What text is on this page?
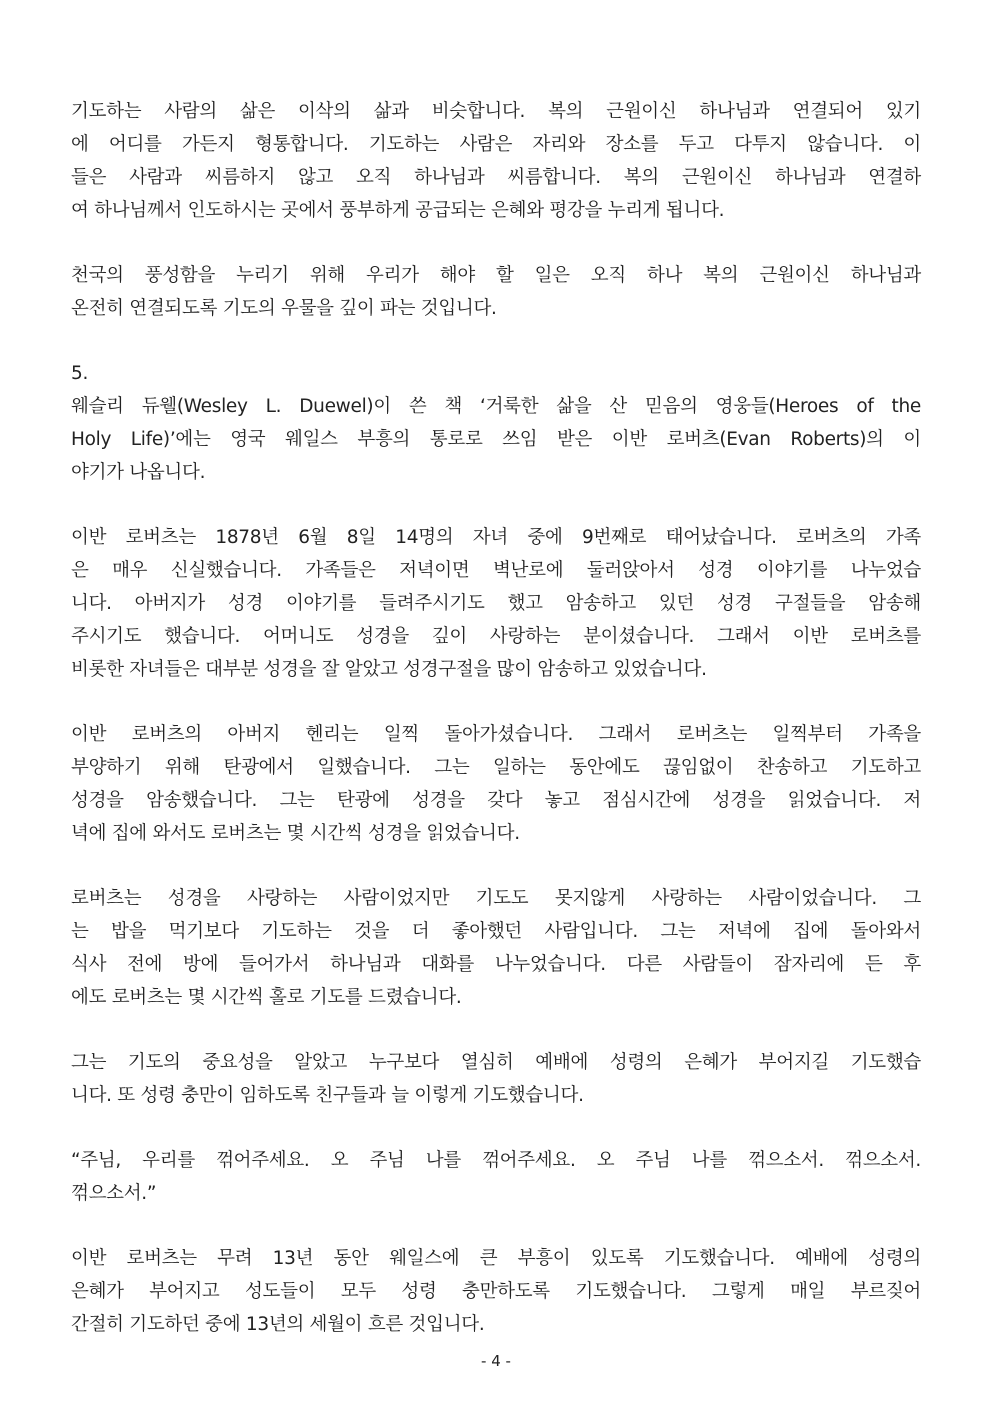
기도하는 사람의 삶은 이삭의 삶과 비슷합니다. 복의 근원이신 하나님과 연결되어 있기
에 어디를 가든지 형통합니다. 기도하는 사람은 자리와 장소를 두고 다투지 않습니다. 이
들은 사람과 씨름하지 않고 오직 하나님과 씨름합니다. 복의 근원이신 하나님과 연결하
여 하나님께서 인도하시는 곳에서 풍부하게 공급되는 은혜와 평강을 누리게 됩니다.
천국의 풍성함을 누리기 위해 우리가 해야 할 일은 오직 하나 복의 근원이신 하나님과
온전히 연결되도록 기도의 우물을 깊이 파는 것입니다.
5.
웨슬리 듀웰(Wesley L. Duewel)이 쓴 책 ‘거룩한 삶을 산 믿음의 영웅들(Heroes of the
Holy Life)’에는 영국 웨일스 부흥의 통로로 쓰임 받은 이반 로버츠(Evan Roberts)의 이
야기가 나옵니다.
이반 로버츠는 1878년 6월 8일 14명의 자녀 중에 9번째로 태어났습니다. 로버츠의 가족
은 매우 신실했습니다. 가족들은 저녁이면 벽난로에 둘러앉아서 성경 이야기를 나누었습
니다. 아버지가 성경 이야기를 들려주시기도 했고 암송하고 있던 성경 구절들을 암송해
주시기도 했습니다. 어머니도 성경을 깊이 사랑하는 분이셨습니다. 그래서 이반 로버츠를
비롯한 자녀들은 대부분 성경을 잘 알았고 성경구절을 많이 암송하고 있었습니다.
이반 로버츠의 아버지 헨리는 일찍 돌아가셨습니다. 그래서 로버츠는 일찍부터 가족을
부양하기 위해 탄광에서 일했습니다. 그는 일하는 동안에도 끊임없이 찬송하고 기도하고
성경을 암송했습니다. 그는 탄광에 성경을 갖다 놓고 점심시간에 성경을 읽었습니다. 저
녁에 집에 와서도 로버츠는 몇 시간씩 성경을 읽었습니다.
로버츠는 성경을 사랑하는 사람이었지만 기도도 못지않게 사랑하는 사람이었습니다. 그
는 밥을 먹기보다 기도하는 것을 더 좋아했던 사람입니다. 그는 저녁에 집에 돌아와서
식사 전에 방에 들어가서 하나님과 대화를 나누었습니다. 다른 사람들이 잠자리에 든 후
에도 로버츠는 몇 시간씩 홀로 기도를 드렸습니다.
그는 기도의 중요성을 알았고 누구보다 열심히 예배에 성령의 은혜가 부어지길 기도했습
니다. 또 성령 충만이 임하도록 친구들과 늘 이렇게 기도했습니다.
“주님, 우리를 꺾어주세요. 오 주님 나를 꺾어주세요. 오 주님 나를 꺾으소서. 꺾으소서.
꺾으소서.”
이반 로버츠는 무려 13년 동안 웨일스에 큰 부흥이 있도록 기도했습니다. 예배에 성령의
은혜가 부어지고 성도들이 모두 성령 충만하도록 기도했습니다. 그렇게 매일 부르짖어
간절히 기도하던 중에 13년의 세월이 흐른 것입니다.
- 4 -
